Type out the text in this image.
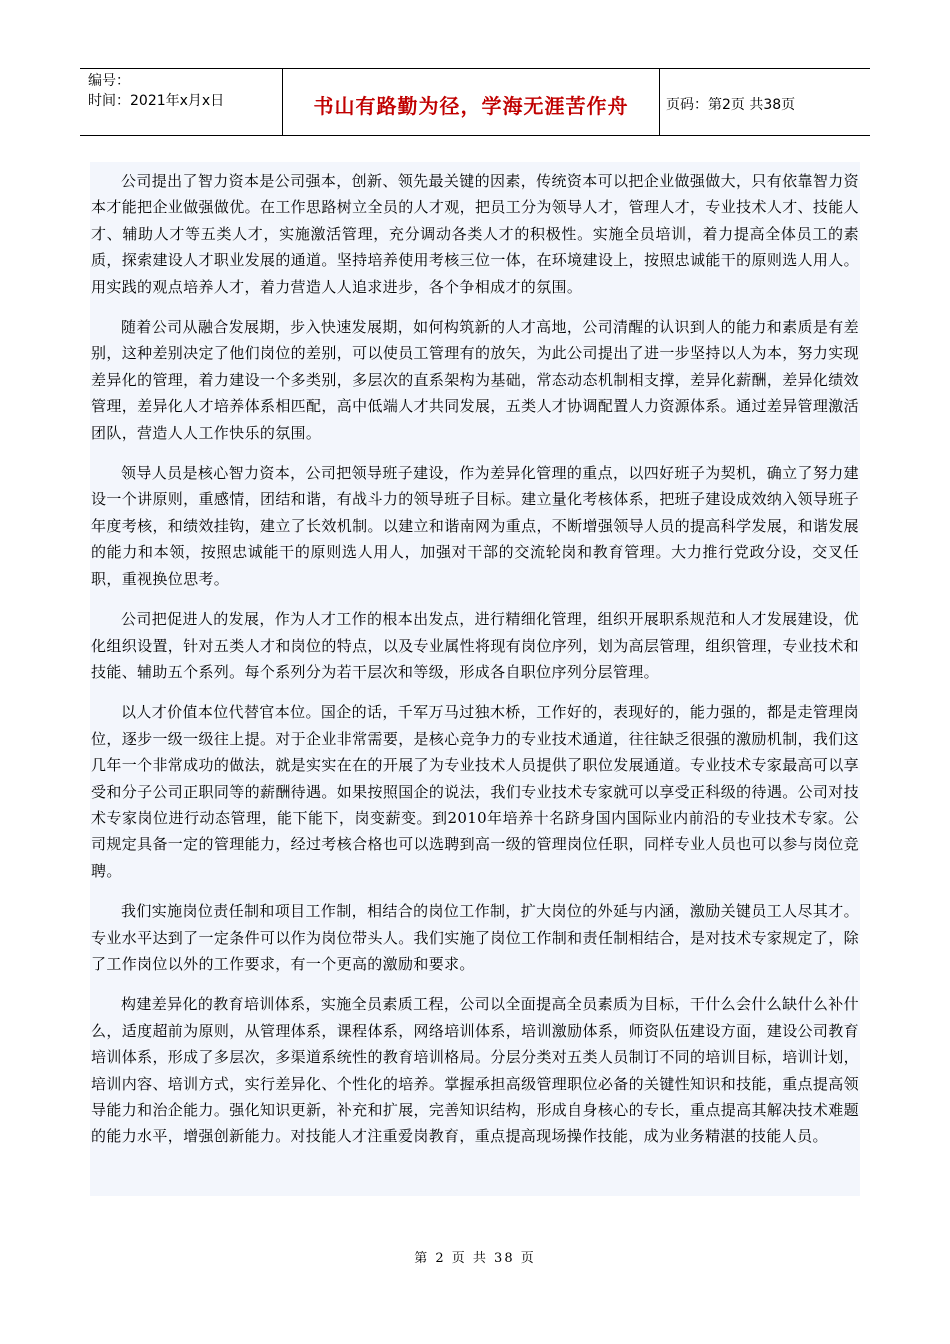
编号：
时间：2021年x月x日	书山有路勤为径，学海无涯苦作舟	页码：第2页 共38页

公司提出了智力资本是公司强本，创新、领先最关键的因素，传统资本可以把企业做强做大，只有依靠智力资本才能把企业做强做优。在工作思路树立全员的人才观，把员工分为领导人才，管理人才，专业技术人才、技能人才、辅助人才等五类人才，实施激活管理，充分调动各类人才的积极性。实施全员培训，着力提高全体员工的素质，探索建设人才职业发展的通道。坚持培养使用考核三位一体，在环境建设上，按照忠诚能干的原则选人用人。用实践的观点培养人才，着力营造人人追求进步，各个争相成才的氛围。

随着公司从融合发展期，步入快速发展期，如何构筑新的人才高地，公司清醒的认识到人的能力和素质是有差别，这种差别决定了他们岗位的差别，可以使员工管理有的放矢，为此公司提出了进一步坚持以人为本，努力实现差异化的管理，着力建设一个多类别，多层次的直系架构为基础，常态动态机制相支撑，差异化薪酬，差异化绩效管理，差异化人才培养体系相匹配，高中低端人才共同发展，五类人才协调配置人力资源体系。通过差异管理激活团队，营造人人工作快乐的氛围。

领导人员是核心智力资本，公司把领导班子建设，作为差异化管理的重点，以四好班子为契机，确立了努力建设一个讲原则，重感情，团结和谐，有战斗力的领导班子目标。建立量化考核体系，把班子建设成效纳入领导班子年度考核，和绩效挂钩，建立了长效机制。以建立和谐南网为重点，不断增强领导人员的提高科学发展，和谐发展的能力和本领，按照忠诚能干的原则选人用人，加强对干部的交流轮岗和教育管理。大力推行党政分设，交叉任职，重视换位思考。

公司把促进人的发展，作为人才工作的根本出发点，进行精细化管理，组织开展职系规范和人才发展建设，优化组织设置，针对五类人才和岗位的特点，以及专业属性将现有岗位序列，划为高层管理，组织管理，专业技术和技能、辅助五个系列。每个系列分为若干层次和等级，形成各自职位序列分层管理。

以人才价值本位代替官本位。国企的话，千军万马过独木桥，工作好的，表现好的，能力强的，都是走管理岗位，逐步一级一级往上提。对于企业非常需要，是核心竞争力的专业技术通道，往往缺乏很强的激励机制，我们这几年一个非常成功的做法，就是实实在在的开展了为专业技术人员提供了职位发展通道。专业技术专家最高可以享受和分子公司正职同等的薪酬待遇。如果按照国企的说法，我们专业技术专家就可以享受正科级的待遇。公司对技术专家岗位进行动态管理，能下能下，岗变薪变。到2010年培养十名跻身国内国际业内前沿的专业技术专家。公司规定具备一定的管理能力，经过考核合格也可以选聘到高一级的管理岗位任职，同样专业人员也可以参与岗位竞聘。

我们实施岗位责任制和项目工作制，相结合的岗位工作制，扩大岗位的外延与内涵，激励关键员工人尽其才。专业水平达到了一定条件可以作为岗位带头人。我们实施了岗位工作制和责任制相结合，是对技术专家规定了，除了工作岗位以外的工作要求，有一个更高的激励和要求。

构建差异化的教育培训体系，实施全员素质工程，公司以全面提高全员素质为目标，干什么会什么缺什么补什么，适度超前为原则，从管理体系，课程体系，网络培训体系，培训激励体系，师资队伍建设方面，建设公司教育培训体系，形成了多层次，多渠道系统性的教育培训格局。分层分类对五类人员制订不同的培训目标，培训计划，培训内容、培训方式，实行差异化、个性化的培养。掌握承担高级管理职位必备的关键性知识和技能，重点提高领导能力和治企能力。强化知识更新，补充和扩展，完善知识结构，形成自身核心的专长，重点提高其解决技术难题的能力水平，增强创新能力。对技能人才注重爱岗教育，重点提高现场操作技能，成为业务精湛的技能人员。

第 2 页 共 38 页
